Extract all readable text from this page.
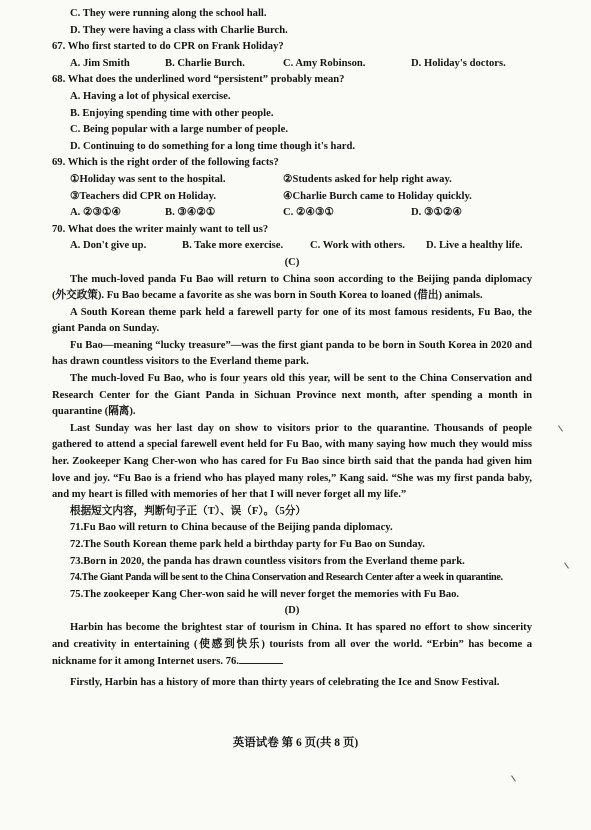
C. They were running along the school hall.
D. They were having a class with Charlie Burch.
67. Who first started to do CPR on Frank Holiday?
A. Jim Smith	B. Charlie Burch.	C. Amy Robinson.	D. Holiday's doctors.
68. What does the underlined word “persistent” probably mean?
A. Having a lot of physical exercise.
B. Enjoying spending time with other people.
C. Being popular with a large number of people.
D. Continuing to do something for a long time though it's hard.
69. Which is the right order of the following facts?
①Holiday was sent to the hospital.	②Students asked for help right away.
③Teachers did CPR on Holiday.	④Charlie Burch came to Holiday quickly.
A. ②③①④	B. ③④②①	C. ②④③①	D. ③①②④
70. What does the writer mainly want to tell us?
A. Don't give up.	B. Take more exercise.	C. Work with others.	D. Live a healthy life.
(C)
The much-loved panda Fu Bao will return to China soon according to the Beijing panda diplomacy (外交政策). Fu Bao became a favorite as she was born in South Korea to loaned (借出) animals.
A South Korean theme park held a farewell party for one of its most famous residents, Fu Bao, the giant Panda on Sunday.
Fu Bao—meaning “lucky treasure”—was the first giant panda to be born in South Korea in 2020 and has drawn countless visitors to the Everland theme park.
The much-loved Fu Bao, who is four years old this year, will be sent to the China Conservation and Research Center for the Giant Panda in Sichuan Province next month, after spending a month in quarantine (隔离).
Last Sunday was her last day on show to visitors prior to the quarantine. Thousands of people gathered to attend a special farewell event held for Fu Bao, with many saying how much they would miss her. Zookeeper Kang Cher-won who has cared for Fu Bao since birth said that the panda had given him love and joy. “Fu Bao is a friend who has played many roles,” Kang said. “She was my first panda baby, and my heart is filled with memories of her that I will never forget all my life.”
根据短文内容，判断句子正（T）、误（F）。（5分）
71.Fu Bao will return to China because of the Beijing panda diplomacy.
72.The South Korean theme park held a birthday party for Fu Bao on Sunday.
73.Born in 2020, the panda has drawn countless visitors from the Everland theme park.
74.The Giant Panda will be sent to the China Conservation and Research Center after a week in quarantine.
75.The zookeeper Kang Cher-won said he will never forget the memories with Fu Bao.
(D)
Harbin has become the brightest star of tourism in China. It has spared no effort to show sincerity and creativity in entertaining (使感到快乐) tourists from all over the world. “Erbin” has become a nickname for it among Internet users. 76.
Firstly, Harbin has a history of more than thirty years of celebrating the Ice and Snow Festival.
英语试卷 第 6 页(共 8 页)
